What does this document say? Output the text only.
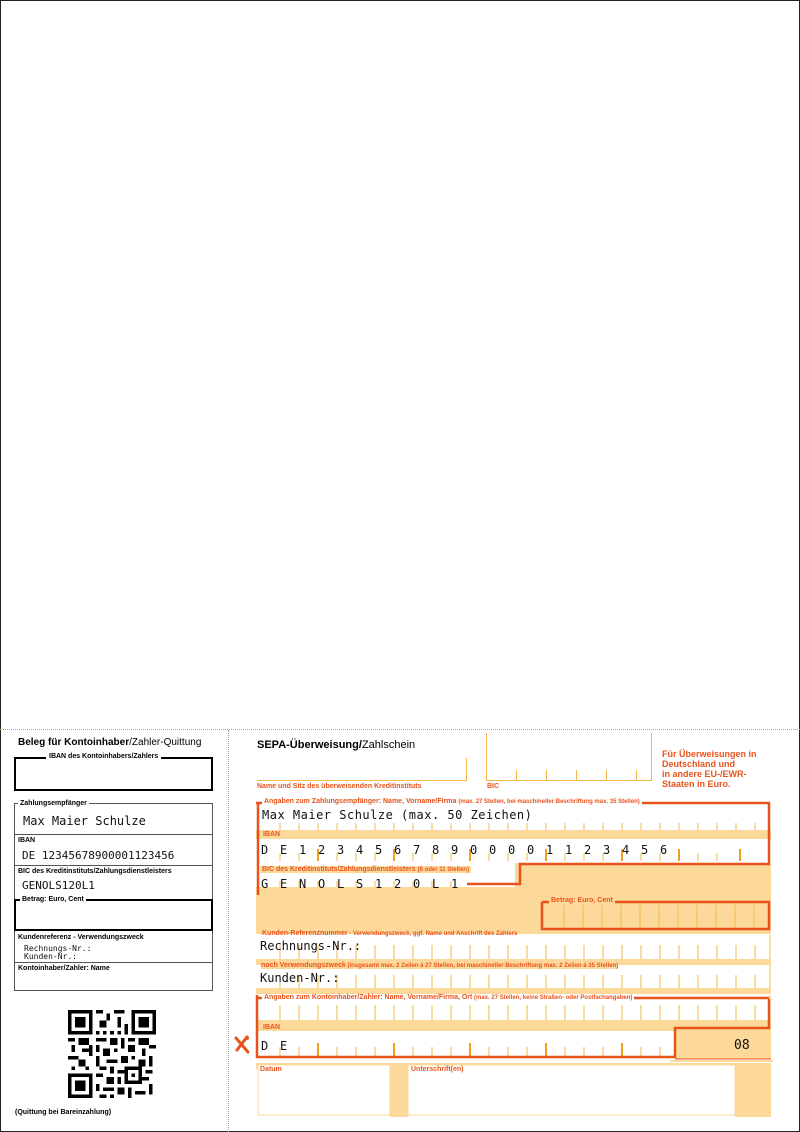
Beleg für Kontoinhaber/Zahler-Quittung
IBAN des Kontoinhabers/Zahlers
Zahlungsempfänger
Max Maier Schulze
IBAN
DE 12345678900001123456
BIC des Kreditinstituts/Zahlungsdienstleisters
GENOLS120L1
Betrag: Euro, Cent
Kundenreferenz - Verwendungszweck
Rechnungs-Nr.:
Kunden-Nr.:
Kontoinhaber/Zahler: Name
(Quittung bei Bareinzahlung)
SEPA-Überweisung/Zahlschein
Für Überweisungen in
Deutschland und
in andere EU-/EWR-
Staaten in Euro.
Name und Sitz des überweisenden Kreditinstituts	BIC
Angaben zum Zahlungsempfänger: Name, Vorname/Firma (max. 27 Stellen, bei maschineller Beschriftung max. 35 Stellen)
Max Maier Schulze (max. 50 Zeichen)
IBAN
D E 1 2 3 4 5 6 7 8 9 0 0 0 0 1 1 2 3 4 5 6
BIC des Kreditinstituts/Zahlungsdienstleisters (8 oder 11 Stellen)
G E N O L S 1 2 0 L 1
Betrag: Euro, Cent
Kunden-Referenznummer - Verwendungszweck, ggf. Name und Anschrift des Zahlers
Rechnungs-Nr.:
noch Verwendungszweck (insgesamt max. 2 Zeilen à 27 Stellen, bei maschineller Beschriftung max. 2 Zeilen à 35 Stellen)
Kunden-Nr.:
Angaben zum Kontoinhaber/Zahler: Name, Vorname/Firma, Ort (max. 27 Stellen, keine Straßen- oder Postfachangaben)
IBAN
D E	08
Datum	Unterschrift(en)
